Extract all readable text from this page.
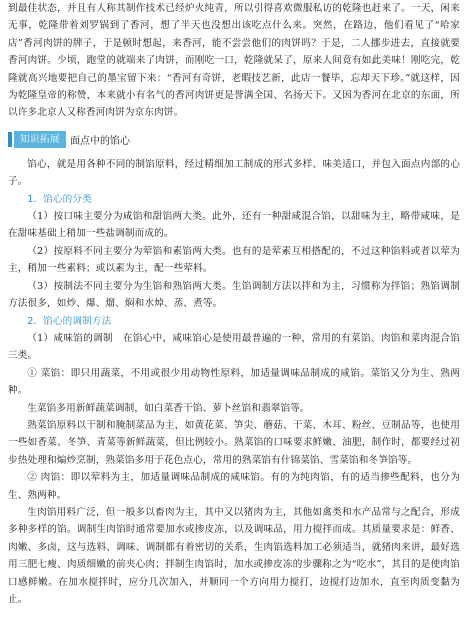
到最佳状态，并且有人称其制作技术已经炉火纯青，所以引得喜欢微服私访的乾隆也赶来了。一天，闲来无事，乾隆带着刘罗锅到了香河，想了半天也没想出该吃点什么来。突然，在路边，他们看见了“哈家店”香河肉饼的牌子，于是顿时想起，来香河，能不尝尝他们的肉饼吗？于是，二人挪步进去，直接就要香河肉饼。少顷，跑堂的就端来了肉饼，而刚吃一口，乾隆就呆了，原来人间竟有如此美味！刚吃完，乾隆就高兴地要把自己的墨宝留下来：“香河有奇饼，老暇技艺新，此店一餐毕，忘却天下珍。”就这样，因为乾隆皇帝的称赞，本来就小有名气的香河肉饼更是誉满全国、名扬天下。又因为香河在北京的东面，所以许多北京人又称香河肉饼为京东肉饼。

知识拓展	面点中的馅心

馅心，就是用各种不同的制馅原料，经过精细加工制成的形式多样、味美适口，并包入面点内部的心子。

1．馅心的分类

（1）按口味主要分为咸馅和甜馅两大类。此外，还有一种甜咸混合馅，以甜味为主，略带咸味，是在甜味基础上稍加一些盐调制而成的。

（2）按原料不同主要分为荤馅和素馅两大类。也有的是荤素互相搭配的，不过这种馅料或者以荤为主，稍加一些素料；或以素为主，配一些荤料。

（3）按制法不同主要分为生馅和熟馅两大类。生馅调制方法以拌和为主，习惯称为拌馅；熟馅调制方法很多，如炒、爆、熘、焖和水焯、蒸、煮等。

2．馅心的调制方法

（1）咸味馅的调制　在馅心中，咸味馅心是使用最普遍的一种，常用的有菜馅、肉馅和菜肉混合馅三类。

① 菜馅：即只用蔬菜，不用或很少用动物性原料，加适量调味品制成的咸馅。菜馅又分为生、熟两种。

生菜馅多用新鲜蔬菜调制，如白菜香干馅、萝卜丝馅和翡翠馅等。

熟菜馅原料以干制和腌制菜品为主，如黄花菜、笋尖、蘑菇、干菜、木耳、粉丝、豆制品等，也使用一些如香菜、冬笋、青菜等新鲜蔬菜，但比例较小。熟菜馅的口味要求鲜嫩、油肥，制作时，都要经过初步热处理和煸炒烹制，熟菜馅多用于花色点心，常用的熟菜馅有什锦菜馅、雪菜馅和冬笋馅等。

② 肉馅：即以荤料为主，加适量调味品制成的咸味馅。有的为纯肉馅，有的适当掺些配料，也分为生、熟两种。

生肉馅用料广泛，但一般多以畜肉为主，其中又以猪肉为主，其他如禽类和水产品常与之配合，形成多种多样的馅。调制生肉馅时通常要加水或掺皮冻，以及调味品，用力搅拌而成。其质量要求是：鲜香、肉嫩、多卤，这与选料、调味、调制都有着密切的关系，生肉馅选料加工必须适当，就猪肉来讲，最好选用三肥七瘦、肉质细嫩的前夹心肉；拌制生肉馅时，加水或掺皮冻的步骤称之为“吃水”，其目的是使肉馅口感鲜嫩。在加水搅拌时，应分几次加入，并顺同一个方向用力搅打，边搅打边加水，直至肉质变黏为止。
